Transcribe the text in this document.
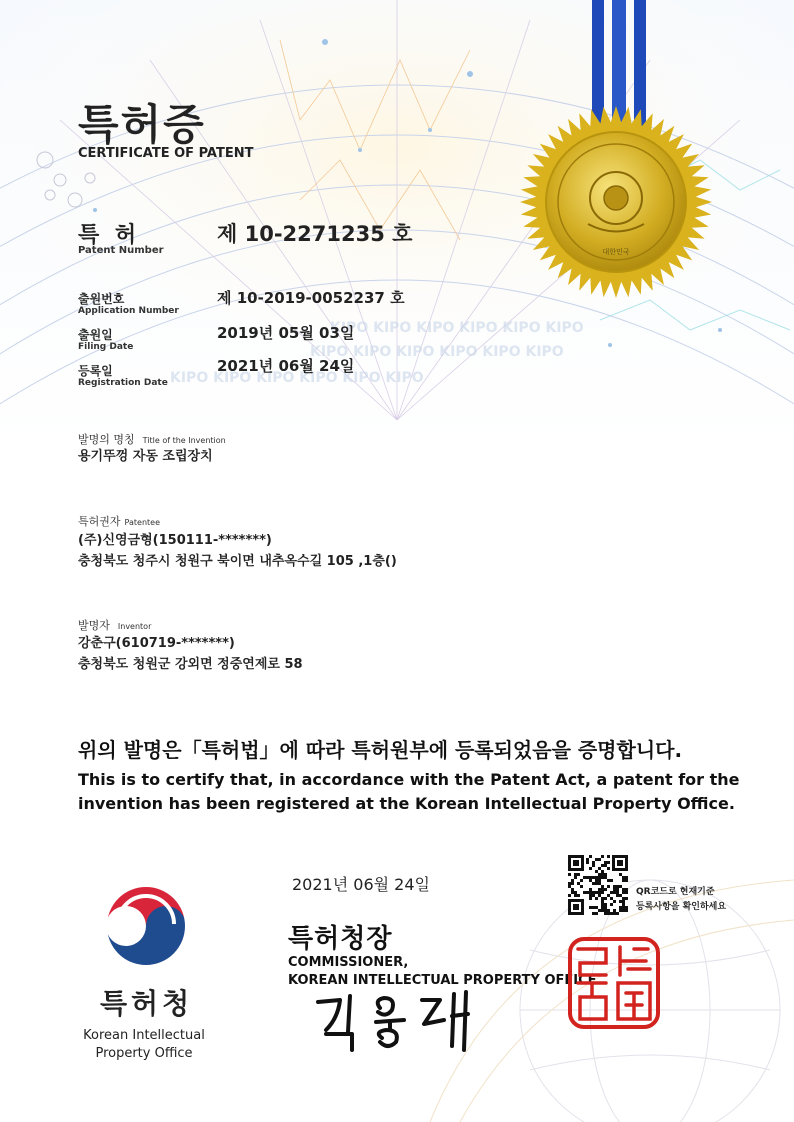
KIPO KIPO KIPO KIPO KIPO KIPO
KIPO KIPO KIPO KIPO KIPO KIPO
KIPO KIPO KIPO KIPO KIPO KIPO
대한민국
특허증
CERTIFICATE OF PATENT
특 허
Patent Number
제 10-2271235 호
출원번호
Application Number
제 10-2019-0052237 호
출원일
Filing Date
2019년 05월 03일
등록일
Registration Date
2021년 06월 24일
발명의 명칭 Title of the Invention
용기뚜껑 자동 조립장치
특허권자 Patentee
(주)신영금형(150111-*******)
충청북도 청주시 청원구 북이면 내추옥수길 105 ,1층()
발명자 Inventor
강춘구(610719-*******)
충청북도 청원군 강외면 정중연제로 58
위의 발명은「특허법」에 따라 특허원부에 등록되었음을 증명합니다.
This is to certify that, in accordance with the Patent Act, a patent for the
invention has been registered at the Korean Intellectual Property Office.
특허청
Korean Intellectual
Property Office
2021년 06월 24일	QR코드로 현재기준
등록사항을 확인하세요
특허청장
COMMISSIONER,
KOREAN INTELLECTUAL PROPERTY OFFICE
특허청장의인
